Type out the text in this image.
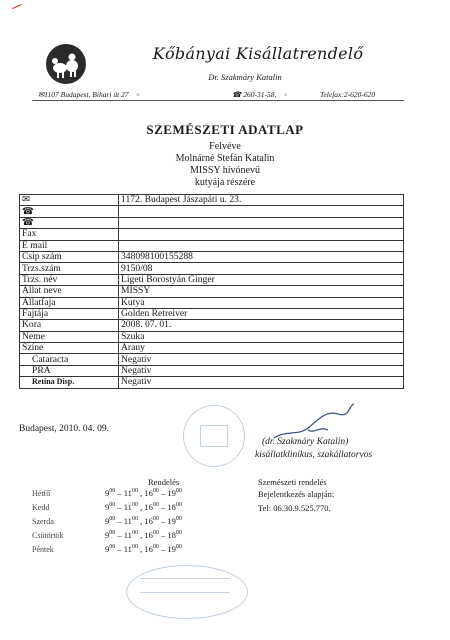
Kőbányai Kisállatrendelő
Dr. Szakmáry Katalin
✉1107 Budapest, Bihari út 27 ▫	☎ 260-31-58, ▫	Telefax:2-620-620
SZEMÉSZETI ADATLAP
Felvéve
Molnárné Stefán Katalin
MISSY hívónevű
kutyája részére
✉	1172. Budapest Jászapáti u. 23.
☎	
☎	
Fax	
E mail	
Csip szám	348098100155288
Trzs.szám	9150/08
Trzs. név	Ligeti Borostyán Ginger
Állat neve	MISSY
Állatfaja	Kutya
Fajtája	Golden Retreiver
Kora	2008. 07. 01.
Neme	Szuka
Színe	Arany
Cataracta	Negatív
PRA	Negatív
Retina Disp.	Negatív
Budapest, 2010. 04. 09.
(dr. Szakmáry Katalin)
kisállatklinikus, szakállatorvos
Rendelés	Szemészeti rendelés
Bejelentkezés alapján:
Tel: 06.30.9.525.770.
Hétfő	$9^{00} - 11^{00}$ , $16^{00} - 19^{00}$
Kedd	$9^{00} - 11^{00}$ , $16^{00} - 18^{00}$
Szerda	$9^{00} - 11^{00}$ , $16^{00} - 19^{00}$
Csütörtök	$9^{00} - 11^{00}$ , $16^{00} - 18^{00}$
Péntek	$9^{00} - 11^{00}$ , $16^{00} - 19^{00}$
